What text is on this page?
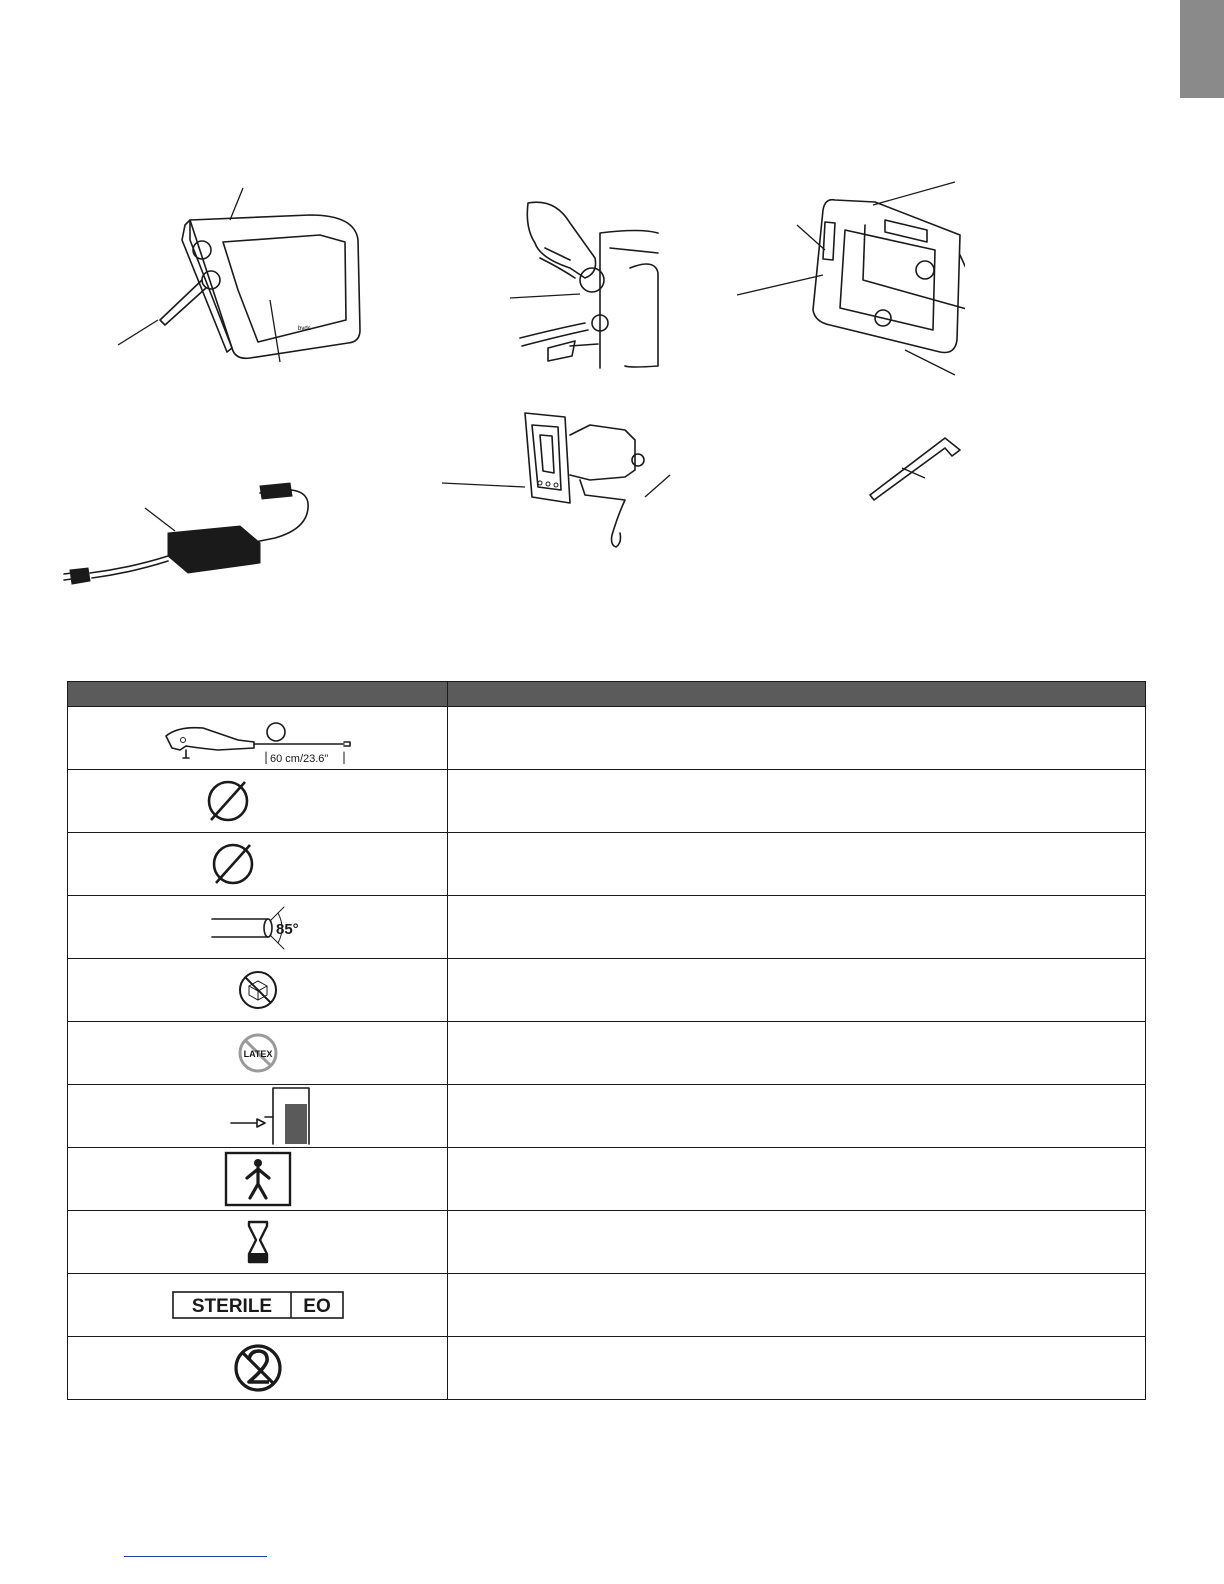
bvdc

60 cm/23.6"	

85°	

LATEX	

STERILE EO	
